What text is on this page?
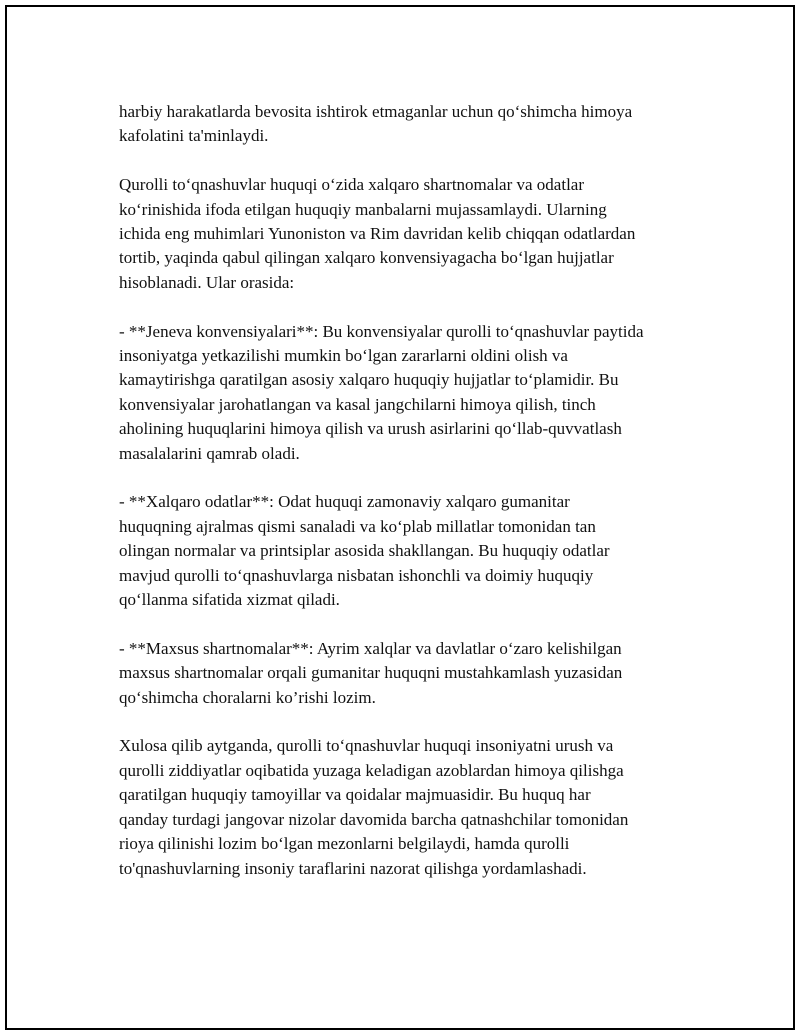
harbiy harakatlarda bevosita ishtirok etmaganlar uchun qo‘shimcha himoya
kafolatini ta'minlaydi.

Qurolli to‘qnashuvlar huquqi o‘zida xalqaro shartnomalar va odatlar
ko‘rinishida ifoda etilgan huquqiy manbalarni mujassamlaydi. Ularning
ichida eng muhimlari Yunoniston va Rim davridan kelib chiqqan odatlardan
tortib, yaqinda qabul qilingan xalqaro konvensiyagacha bo‘lgan hujjatlar
hisoblanadi. Ular orasida:

- **Jeneva konvensiyalari**: Bu konvensiyalar qurolli to‘qnashuvlar paytida
insoniyatga yetkazilishi mumkin bo‘lgan zararlarni oldini olish va
kamaytirishga qaratilgan asosiy xalqaro huquqiy hujjatlar to‘plamidir. Bu
konvensiyalar jarohatlangan va kasal jangchilarni himoya qilish, tinch
aholining huquqlarini himoya qilish va urush asirlarini qo‘llab-quvvatlash
masalalarini qamrab oladi.

- **Xalqaro odatlar**: Odat huquqi zamonaviy xalqaro gumanitar
huquqning ajralmas qismi sanaladi va ko‘plab millatlar tomonidan tan
olingan normalar va printsiplar asosida shakllangan. Bu huquqiy odatlar
mavjud qurolli to‘qnashuvlarga nisbatan ishonchli va doimiy huquqiy
qo‘llanma sifatida xizmat qiladi.

- **Maxsus shartnomalar**: Ayrim xalqlar va davlatlar o‘zaro kelishilgan
maxsus shartnomalar orqali gumanitar huquqni mustahkamlash yuzasidan
qo‘shimcha choralarni ko’rishi lozim.

Xulosa qilib aytganda, qurolli to‘qnashuvlar huquqi insoniyatni urush va
qurolli ziddiyatlar oqibatida yuzaga keladigan azoblardan himoya qilishga
qaratilgan huquqiy tamoyillar va qoidalar majmuasidir. Bu huquq har
qanday turdagi jangovar nizolar davomida barcha qatnashchilar tomonidan
rioya qilinishi lozim bo‘lgan mezonlarni belgilaydi, hamda qurolli
to'qnashuvlarning insoniy taraflarini nazorat qilishga yordamlashadi.
